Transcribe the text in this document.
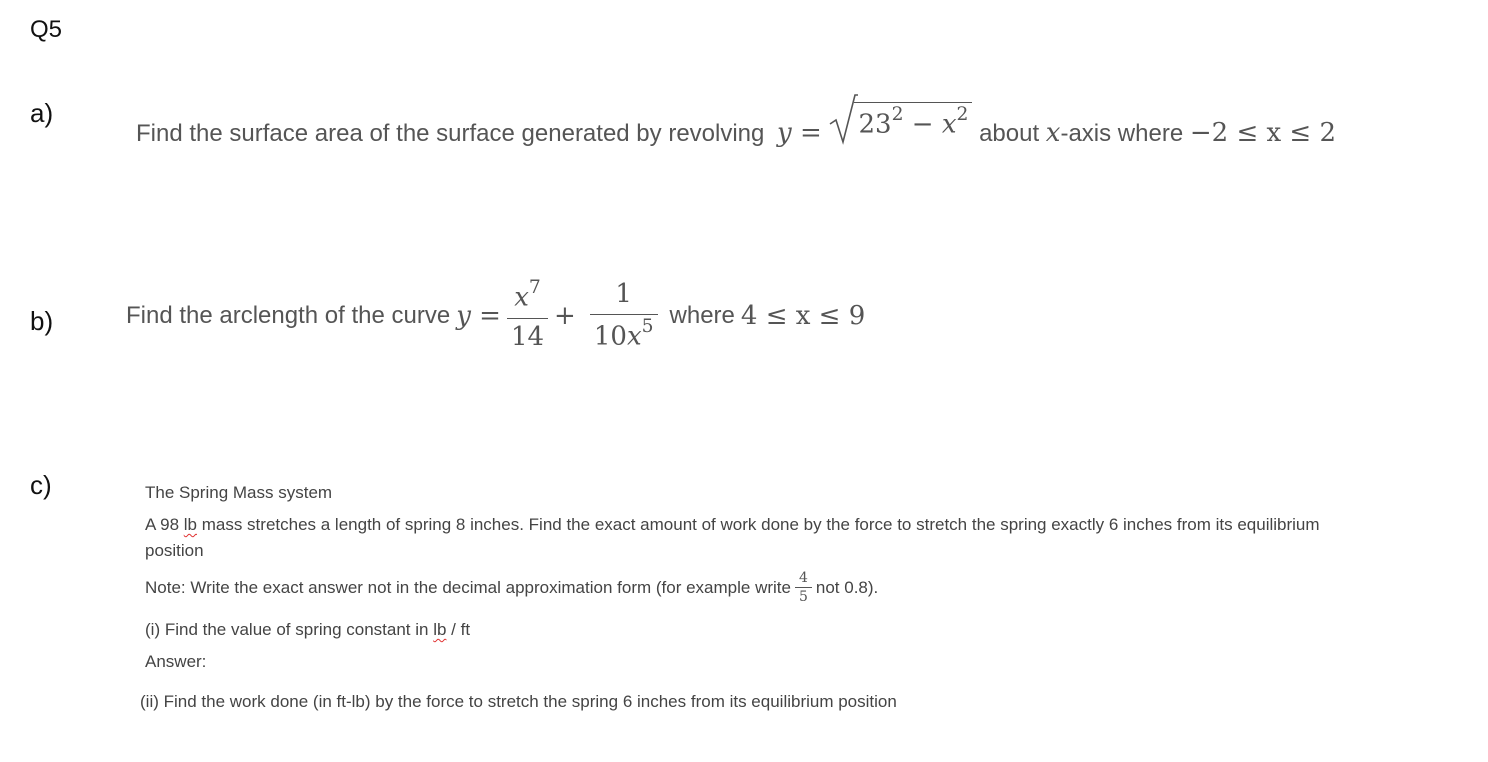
Q5
a)
Find the surface area of the surface generated by revolving $y = 23^2 - x^2$ about x-axis where −2 ≤ x ≤ 2
b)	Find the arclength of the curve $y = \frac{x^7}{14} + \frac{1}{10x^5}$ where 4 ≤ x ≤ 9
c)	The Spring Mass system
A 98 lb mass stretches a length of spring 8 inches. Find the exact amount of work done by the force to stretch the spring exactly 6 inches from its equilibrium
position
Note: Write the exact answer not in the decimal approximation form (for example write $\frac{4}{5}$ not 0.8).
(i) Find the value of spring constant in lb / ft
Answer:
(ii) Find the work done (in ft-lb) by the force to stretch the spring 6 inches from its equilibrium position
